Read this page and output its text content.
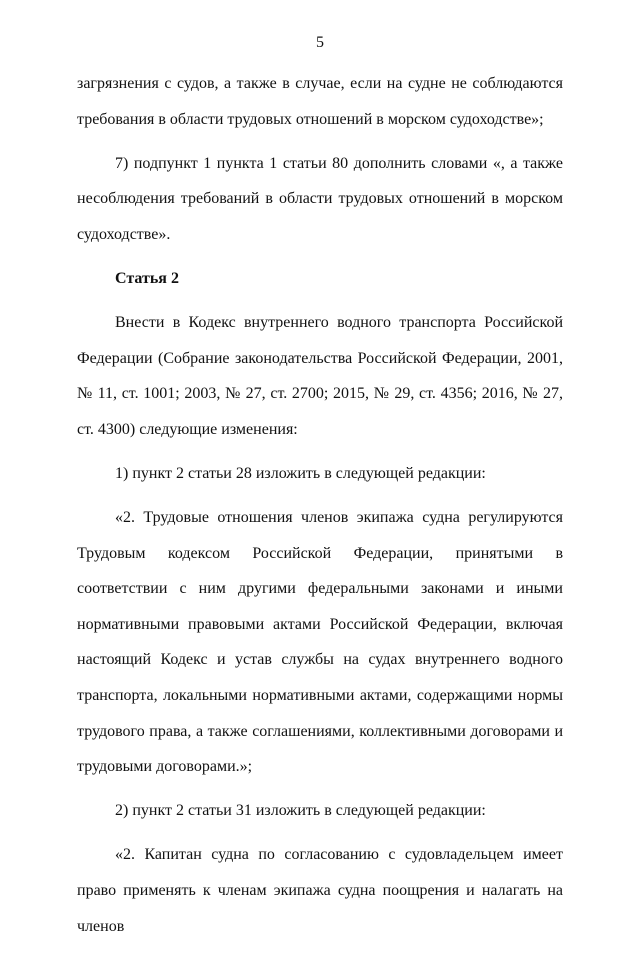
5

загрязнения с судов, а также в случае, если на судне не соблюдаются требования в области трудовых отношений в морском судоходстве»;

7) подпункт 1 пункта 1 статьи 80 дополнить словами «, а также несоблюдения требований в области трудовых отношений в морском судоходстве».

Статья 2

Внести в Кодекс внутреннего водного транспорта Российской Федерации (Собрание законодательства Российской Федерации, 2001, № 11, ст. 1001; 2003, № 27, ст. 2700; 2015, № 29, ст. 4356; 2016, № 27, ст. 4300) следующие изменения:

1) пункт 2 статьи 28 изложить в следующей редакции:

«2. Трудовые отношения членов экипажа судна регулируются Трудовым кодексом Российской Федерации, принятыми в соответствии с ним другими федеральными законами и иными нормативными правовыми актами Российской Федерации, включая настоящий Кодекс и устав службы на судах внутреннего водного транспорта, локальными нормативными актами, содержащими нормы трудового права, а также соглашениями, коллективными договорами и трудовыми договорами.»;

2) пункт 2 статьи 31 изложить в следующей редакции:

«2. Капитан судна по согласованию с судовладельцем имеет право применять к членам экипажа судна поощрения и налагать на членов
